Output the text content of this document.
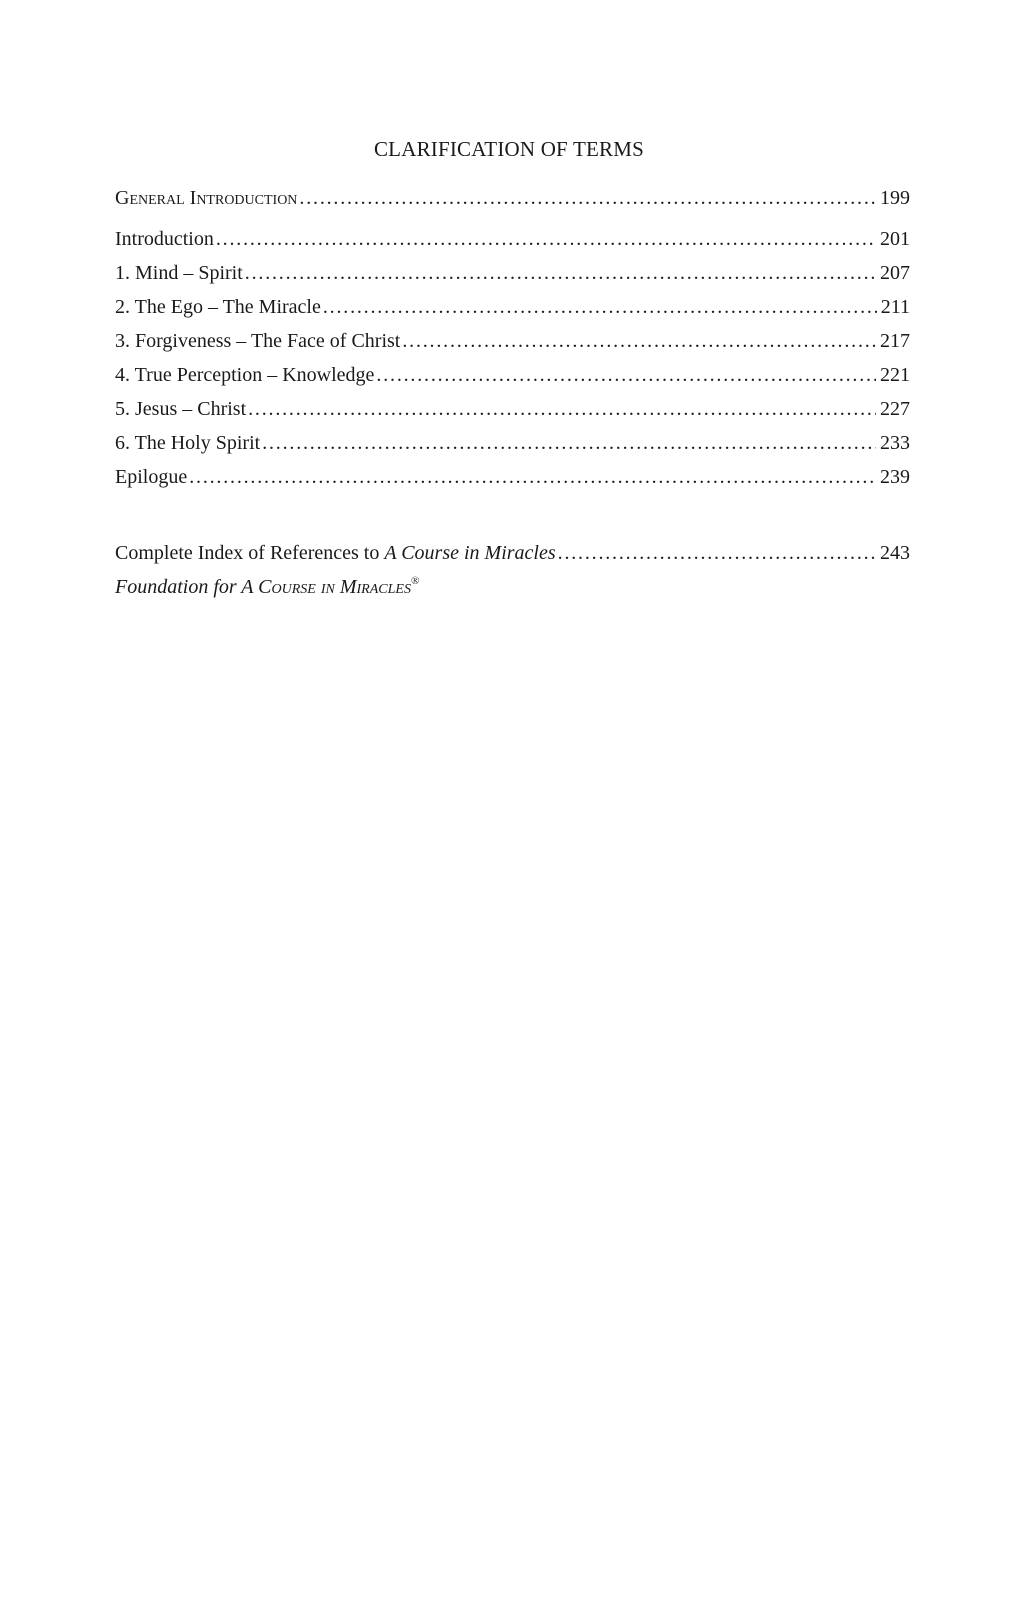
CLARIFICATION OF TERMS
General Introduction . . .	199
Introduction . . .	201
1. Mind – Spirit . . .	207
2. The Ego – The Miracle . . .	211
3. Forgiveness – The Face of Christ . . .	217
4. True Perception – Knowledge . . .	221
5. Jesus – Christ . . .	227
6. The Holy Spirit . . .	233
Epilogue . . .	239
Complete Index of References to A Course in Miracles . . .	243
Foundation for A Course in Miracles®
